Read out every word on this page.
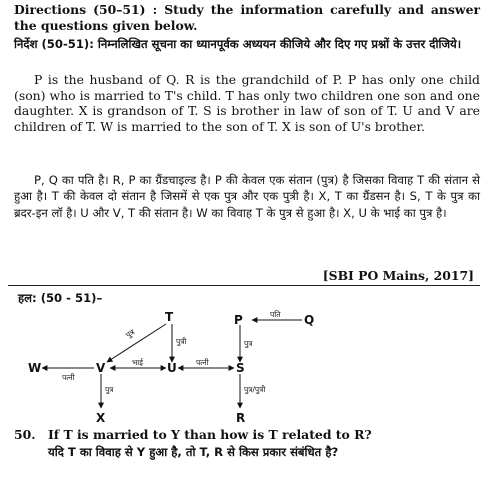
Directions (50–51) : Study the information carefully and answer the questions given below.
निर्देश (50-51): निम्नलिखित सूचना का ध्यानपूर्वक अध्ययन कीजिये और दिए गए प्रश्नों के उत्तर दीजिये।
P is the husband of Q. R is the grandchild of P. P has only one child (son) who is married to T's child. T has only two children one son and one daughter. X is grandson of T. S is brother in law of son of T. U and V are children of T. W is married to the son of T. X is son of U's brother.
P, Q का पति है। R, P का ग्रैंडचाइल्ड है। P की केवल एक संतान (पुत्र) है जिसका विवाह T की संतान से हुआ है। T की केवल दो संतान है जिसमें से एक पुत्र और एक पुत्री है। X, T का ग्रैंडसन है। S, T के पुत्र का ब्रदर-इन लॉ है। U और V, T की संतान है। W का विवाह T के पुत्र से हुआ है। X, U के भाई का पुत्र है।
[SBI PO Mains, 2017]
हल: (50 - 51)–
T	P	Q
W	V	U	S
X	R
पति
पुत्र
पुत्री	पुत्र
पत्नी
भाई	पत्नी
पुत्र	पुत्र/पुत्री
50. If T is married to Y than how is T related to R?
यदि T का विवाह से Y हुआ है, तो T, R से किस प्रकार संबंधित है?
